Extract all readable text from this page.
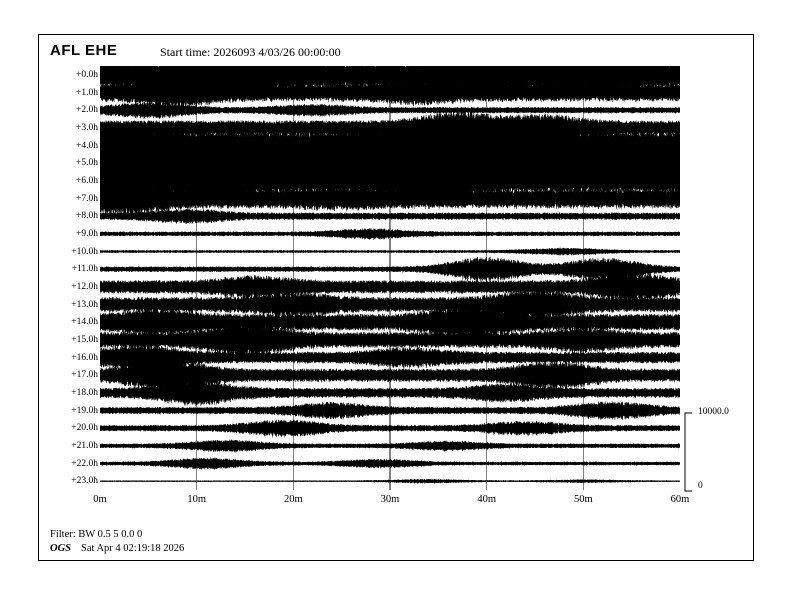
AFL EHE	Start time: 2026093 4/03/26 00:00:00
+0.0h
+1.0h
+2.0h
+3.0h
+4.0h
+5.0h
+6.0h
+7.0h
+8.0h
+9.0h
+10.0h
+11.0h
+12.0h
+13.0h
+14.0h
+15.0h
+16.0h
+17.0h
+18.0h
+19.0h
+20.0h
+21.0h
+22.0h
+23.0h
0m	10m	20m	30m	40m	50m	60m
10000.0
0
Filter: BW 0.5 5 0.0 0
OGS Sat Apr 4 02:19:18 2026
